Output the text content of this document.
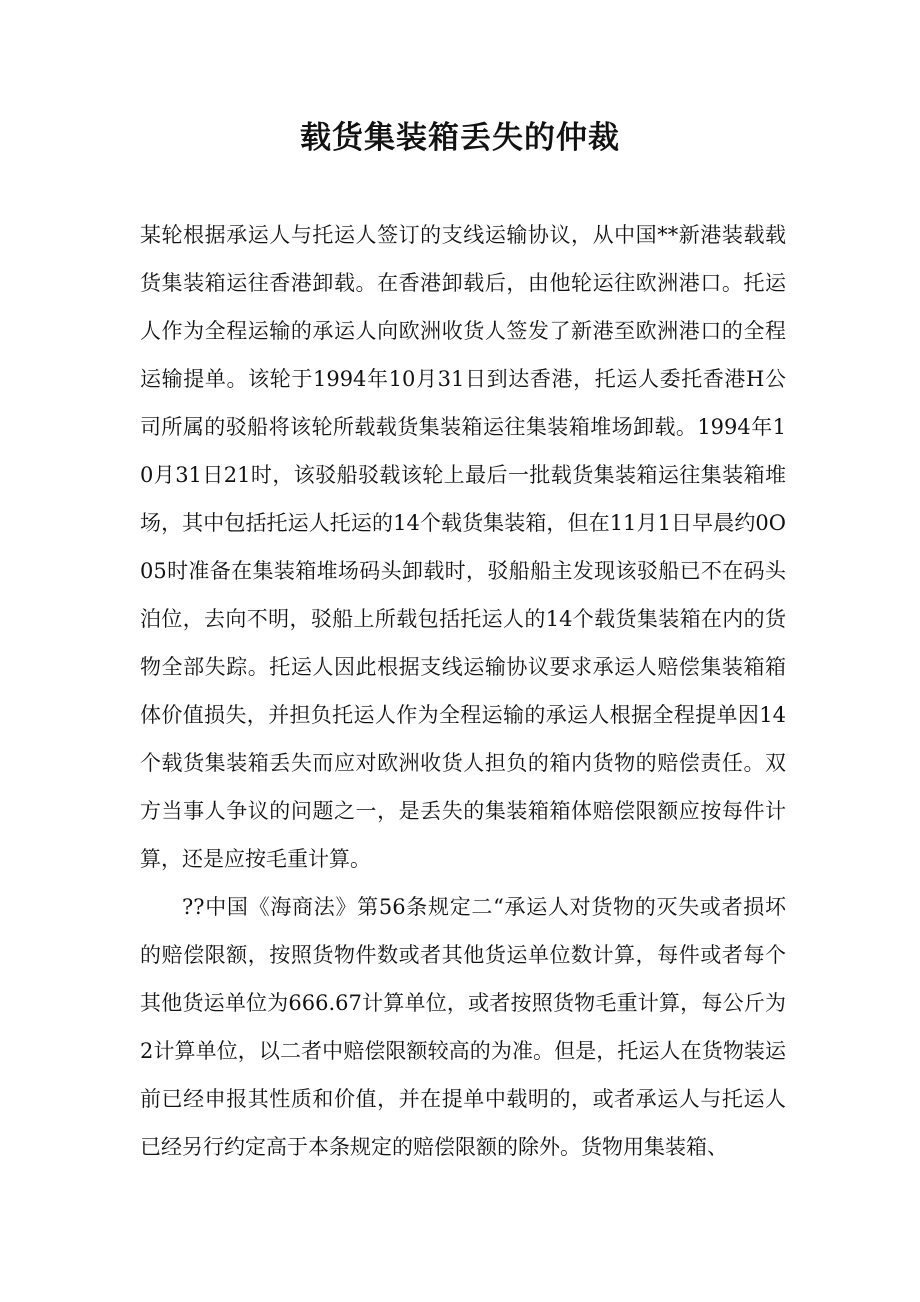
载货集装箱丢失的仲裁

某轮根据承运人与托运人签订的支线运输协议，从中国**新港装载载货集装箱运往香港卸载。在香港卸载后，由他轮运往欧洲港口。托运人作为全程运输的承运人向欧洲收货人签发了新港至欧洲港口的全程运输提单。该轮于1994年10月31日到达香港，托运人委托香港H公司所属的驳船将该轮所载载货集装箱运往集装箱堆场卸载。1994年10月31日21时，该驳船驳载该轮上最后一批载货集装箱运往集装箱堆场，其中包括托运人托运的14个载货集装箱，但在11月1日早晨约0O05时准备在集装箱堆场码头卸载时，驳船船主发现该驳船已不在码头泊位，去向不明，驳船上所载包括托运人的14个载货集装箱在内的货物全部失踪。托运人因此根据支线运输协议要求承运人赔偿集装箱箱体价值损失，并担负托运人作为全程运输的承运人根据全程提单因14个载货集装箱丢失而应对欧洲收货人担负的箱内货物的赔偿责任。双方当事人争议的问题之一，是丢失的集装箱箱体赔偿限额应按每件计算，还是应按毛重计算。

??中国《海商法》第56条规定二“承运人对货物的灭失或者损坏的赔偿限额，按照货物件数或者其他货运单位数计算，每件或者每个其他货运单位为666.67计算单位，或者按照货物毛重计算，每公斤为2计算单位，以二者中赔偿限额较高的为准。但是，托运人在货物装运前已经申报其性质和价值，并在提单中载明的，或者承运人与托运人已经另行约定高于本条规定的赔偿限额的除外。货物用集装箱、
